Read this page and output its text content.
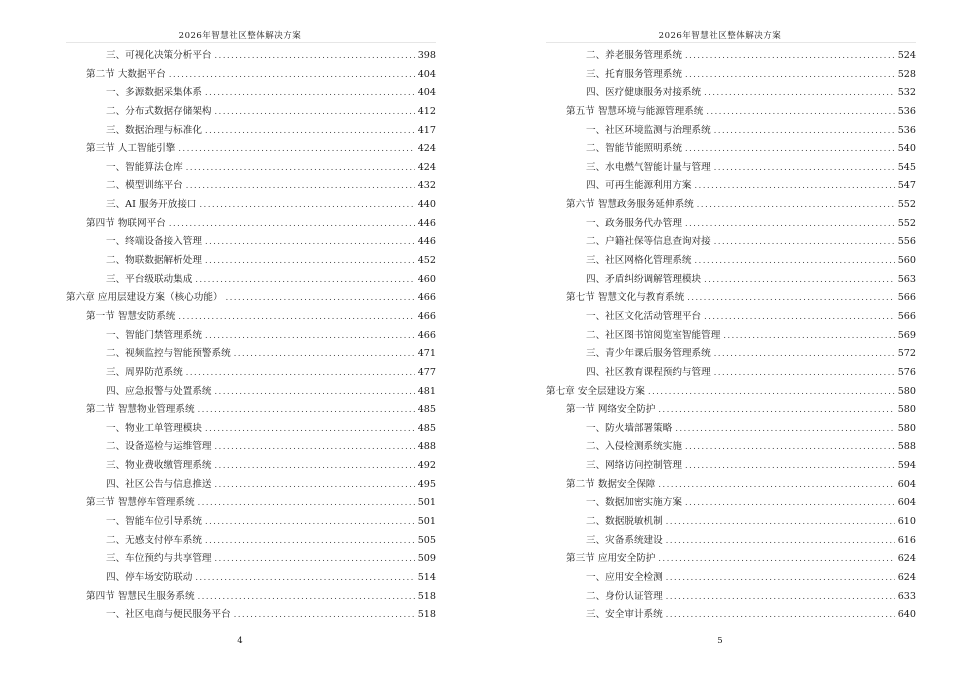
2026年智慧社区整体解决方案
三、可视化决策分析平台 .....	398
第二节 大数据平台 .....	404
一、多源数据采集体系 .....	404
二、分布式数据存储架构 .....	412
三、数据治理与标准化 .....	417
第三节 人工智能引擎 .....	424
一、智能算法仓库 .....	424
二、模型训练平台 .....	432
三、AI 服务开放接口 .....	440
第四节 物联网平台 .....	446
一、终端设备接入管理 .....	446
二、物联数据解析处理 .....	452
三、平台级联动集成 .....	460
第六章 应用层建设方案（核心功能） .....	466
第一节 智慧安防系统 .....	466
一、智能门禁管理系统 .....	466
二、视频监控与智能预警系统 .....	471
三、周界防范系统 .....	477
四、应急报警与处置系统 .....	481
第二节 智慧物业管理系统 .....	485
一、物业工单管理模块 .....	485
二、设备巡检与运维管理 .....	488
三、物业费收缴管理系统 .....	492
四、社区公告与信息推送 .....	495
第三节 智慧停车管理系统 .....	501
一、智能车位引导系统 .....	501
二、无感支付停车系统 .....	505
三、车位预约与共享管理 .....	509
四、停车场安防联动 .....	514
第四节 智慧民生服务系统 .....	518
一、社区电商与便民服务平台 .....	518
4
2026年智慧社区整体解决方案
二、养老服务管理系统 .....	524
三、托育服务管理系统 .....	528
四、医疗健康服务对接系统 .....	532
第五节 智慧环境与能源管理系统 .....	536
一、社区环境监测与治理系统 .....	536
二、智能节能照明系统 .....	540
三、水电燃气智能计量与管理 .....	545
四、可再生能源利用方案 .....	547
第六节 智慧政务服务延伸系统 .....	552
一、政务服务代办管理 .....	552
二、户籍社保等信息查询对接 .....	556
三、社区网格化管理系统 .....	560
四、矛盾纠纷调解管理模块 .....	563
第七节 智慧文化与教育系统 .....	566
一、社区文化活动管理平台 .....	566
二、社区图书馆阅览室智能管理 .....	569
三、青少年课后服务管理系统 .....	572
四、社区教育课程预约与管理 .....	576
第七章 安全层建设方案 .....	580
第一节 网络安全防护 .....	580
一、防火墙部署策略 .....	580
二、入侵检测系统实施 .....	588
三、网络访问控制管理 .....	594
第二节 数据安全保障 .....	604
一、数据加密实施方案 .....	604
二、数据脱敏机制 .....	610
三、灾备系统建设 .....	616
第三节 应用安全防护 .....	624
一、应用安全检测 .....	624
二、身份认证管理 .....	633
三、安全审计系统 .....	640
5
